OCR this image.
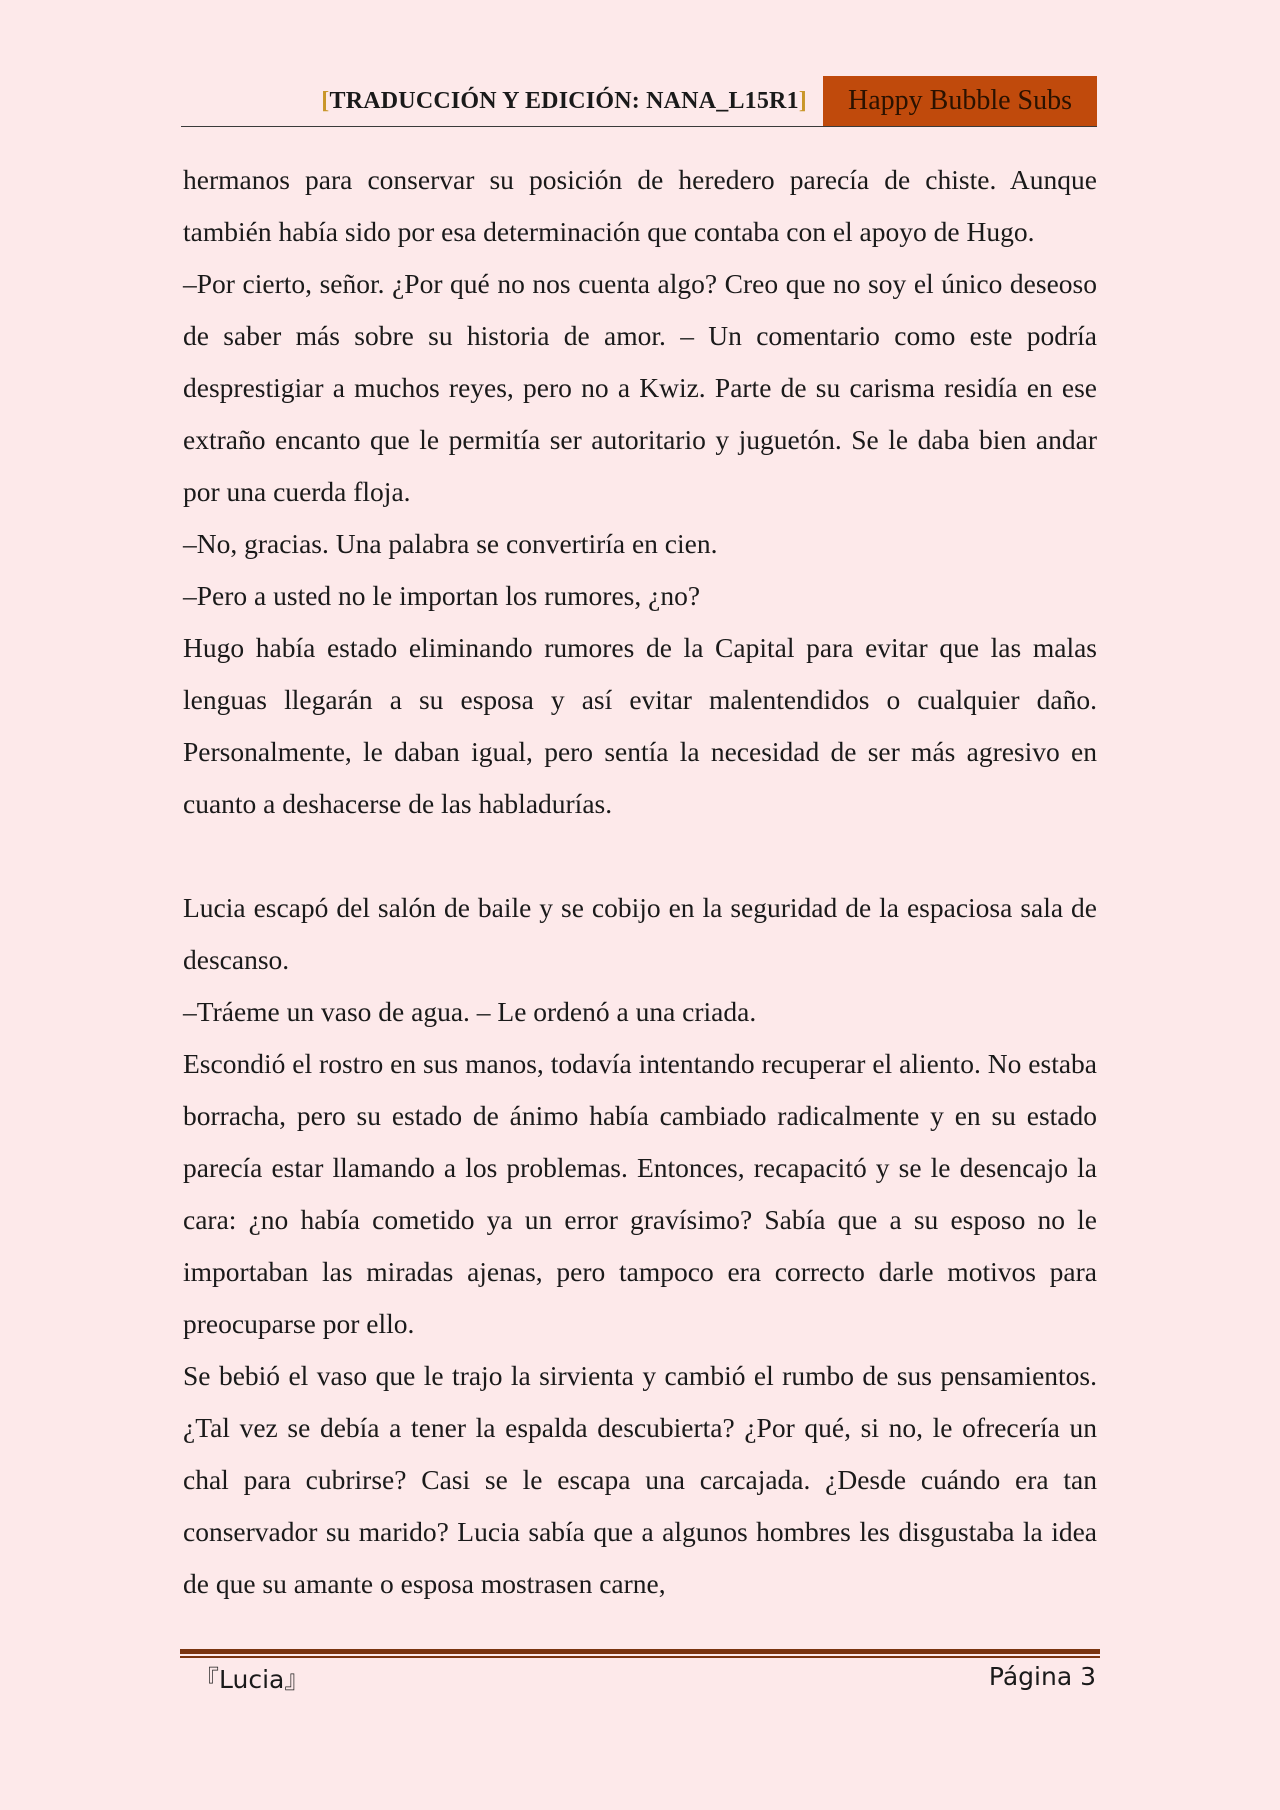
[TRADUCCIÓN Y EDICIÓN: NANA_L15R1]	Happy Bubble Subs

hermanos para conservar su posición de heredero parecía de chiste. Aunque también había sido por esa determinación que contaba con el apoyo de Hugo.

–Por cierto, señor. ¿Por qué no nos cuenta algo? Creo que no soy el único deseoso de saber más sobre su historia de amor. – Un comentario como este podría desprestigiar a muchos reyes, pero no a Kwiz. Parte de su carisma residía en ese extraño encanto que le permitía ser autoritario y juguetón. Se le daba bien andar por una cuerda floja.

–No, gracias. Una palabra se convertiría en cien.

–Pero a usted no le importan los rumores, ¿no?

Hugo había estado eliminando rumores de la Capital para evitar que las malas lenguas llegarán a su esposa y así evitar malentendidos o cualquier daño. Personalmente, le daban igual, pero sentía la necesidad de ser más agresivo en cuanto a deshacerse de las habladurías.

Lucia escapó del salón de baile y se cobijo en la seguridad de la espaciosa sala de descanso.

–Tráeme un vaso de agua. – Le ordenó a una criada.

Escondió el rostro en sus manos, todavía intentando recuperar el aliento. No estaba borracha, pero su estado de ánimo había cambiado radicalmente y en su estado parecía estar llamando a los problemas. Entonces, recapacitó y se le desencajo la cara: ¿no había cometido ya un error gravísimo? Sabía que a su esposo no le importaban las miradas ajenas, pero tampoco era correcto darle motivos para preocuparse por ello.

Se bebió el vaso que le trajo la sirvienta y cambió el rumbo de sus pensamientos. ¿Tal vez se debía a tener la espalda descubierta? ¿Por qué, si no, le ofrecería un chal para cubrirse? Casi se le escapa una carcajada. ¿Desde cuándo era tan conservador su marido? Lucia sabía que a algunos hombres les disgustaba la idea de que su amante o esposa mostrasen carne,

『Lucia』	Página 3
